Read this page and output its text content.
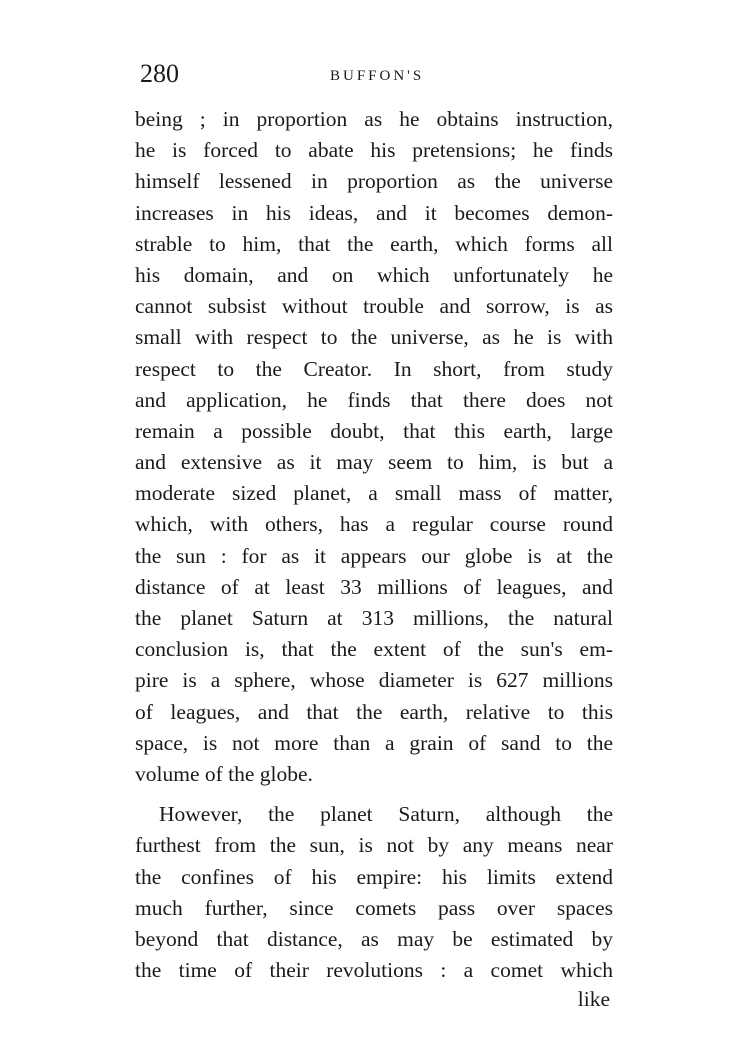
280	BUFFON'S
being ; in proportion as he obtains instruction,
he is forced to abate his pretensions; he finds
himself lessened in proportion as the universe
increases in his ideas, and it becomes demon-
strable to him, that the earth, which forms all
his domain, and on which unfortunately he
cannot subsist without trouble and sorrow, is as
small with respect to the universe, as he is with
respect to the Creator. In short, from study
and application, he finds that there does not
remain a possible doubt, that this earth, large
and extensive as it may seem to him, is but a
moderate sized planet, a small mass of matter,
which, with others, has a regular course round
the sun : for as it appears our globe is at the
distance of at least 33 millions of leagues, and
the planet Saturn at 313 millions, the natural
conclusion is, that the extent of the sun's em-
pire is a sphere, whose diameter is 627 millions
of leagues, and that the earth, relative to this
space, is not more than a grain of sand to the
volume of the globe.
However, the planet Saturn, although the
furthest from the sun, is not by any means near
the confines of his empire: his limits extend
much further, since comets pass over spaces
beyond that distance, as may be estimated by
the time of their revolutions : a comet which
like
